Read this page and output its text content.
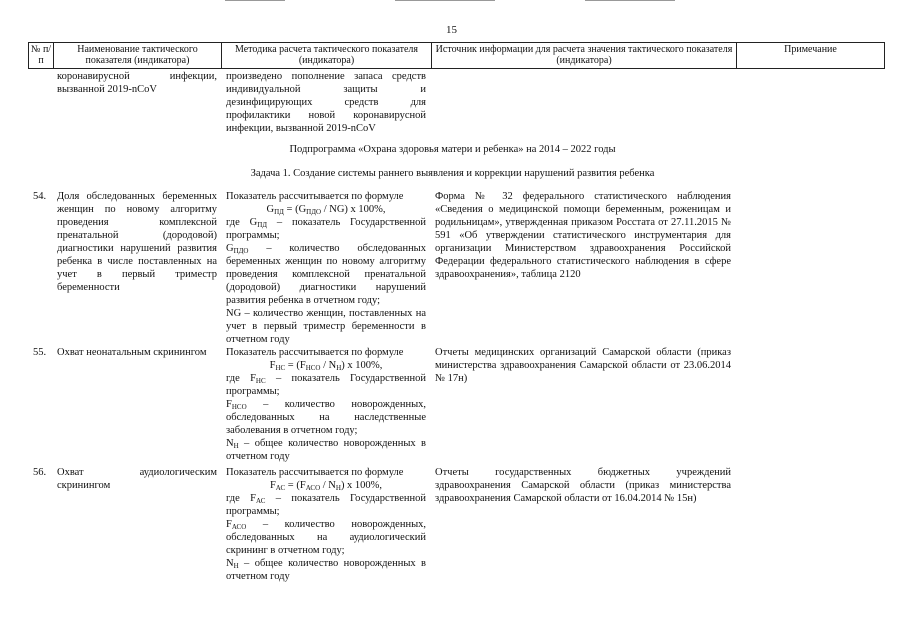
15
№ п/п
Наименование тактического показателя (индикатора)
Методика расчета тактического показателя (индикатора)
Источник информации для расчета значения тактического показателя (индикатора)
Примечание
коронавирусной инфекции, вызванной 2019-nCoV
произведено пополнение запаса средств индивидуальной защиты и дезинфицирующих средств для профилактики новой коронавирусной инфекции, вызванной 2019-nCoV
Подпрограмма «Охрана здоровья матери и ребенка» на 2014 – 2022 годы
Задача 1. Создание системы раннего выявления и коррекции нарушений развития ребенка
54. Доля обследованных беременных женщин по новому алгоритму проведения комплексной пренатальной (дородовой) диагностики нарушений развития ребенка в числе поставленных на учет в первый триместр беременности
Показатель рассчитывается по формуле
$G_{ПД} = (G_{ПДО} / NG)$ x 100%,
где $G_{ПД}$ – показатель Государственной программы;
$G_{ПДО}$ – количество обследованных беременных женщин по новому алгоритму проведения комплексной пренатальной (дородовой) диагностики нарушений развития ребенка в отчетном году;
NG – количество женщин, поставленных на учет в первый триместр беременности в отчетном году
Форма № 32 федерального статистического наблюдения «Сведения о медицинской помощи беременным, роженицам и родильницам», утвержденная приказом Росстата от 27.11.2015 № 591 «Об утверждении статистического инструментария для организации Министерством здравоохранения Российской Федерации федерального статистического наблюдения в сфере здравоохранения», таблица 2120
55. Охват неонатальным скринингом	Показатель рассчитывается по формуле
$F_{НС} = (F_{НСО} / N_Н)$ x 100%,
где $F_{НС}$ – показатель Государственной программы;
$F_{НСО}$ – количество новорожденных, обследованных на наследственные заболевания в отчетном году;
$N_Н$ – общее количество новорожденных в отчетном году
Отчеты медицинских организаций Самарской области (приказ министерства здравоохранения Самарской области от 23.06.2014 № 17н)
56. Охват аудиологическим скринингом
Показатель рассчитывается по формуле
$F_{АС} = (F_{АСО} / N_Н)$ x 100%,
где $F_{АС}$ – показатель Государственной программы;
$F_{АСО}$ – количество новорожденных, обследованных на аудиологический скрининг в отчетном году;
$N_Н$ – общее количество новорожденных в отчетном году
Отчеты государственных бюджетных учреждений здравоохранения Самарской области (приказ министерства здравоохранения Самарской области от 16.04.2014 № 15н)
